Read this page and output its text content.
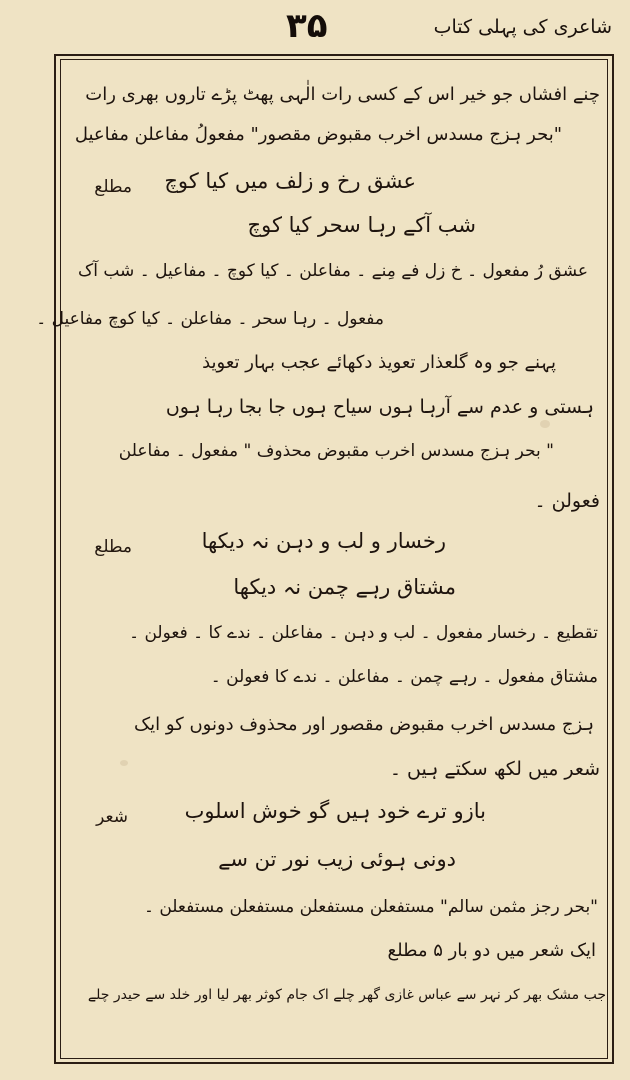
شاعری کی پہلی کتاب
۳۵
چنے افشاں جو خیر اس کے کسی رات الٰہی پھٹ پڑے تاروں بھری رات
"بحر ہزج مسدس اخرب مقبوض مقصور" مفعولُ مفاعلن مفاعیل
مطلع عشق رخ و زلف میں کیا کوچ
شب آکے رہا سحر کیا کوچ
عشق رُ مفعول ۔ خ زل فے مِنے ۔ مفاعلن ۔ کیا کوچ ۔ مفاعیل ۔ شب آک
مفعول ۔ رہا سحر ۔ مفاعلن ۔ کیا کوچ مفاعیل ۔
پہنے جو وہ گلعذار تعویذ دکھائے عجب بہار تعویذ
ہستی و عدم سے آرہا ہوں سیاح ہوں جا بجا رہا ہوں
" بحر ہزج مسدس اخرب مقبوض محذوف " مفعول ۔ مفاعلن
فعولن ۔
مطلع	رخسار و لب و دہن نہ دیکھا
مشتاق رہے چمن نہ دیکھا
تقطیع ۔ رخسار مفعول ۔ لب و دہن ۔ مفاعلن ۔ ندے کا ۔ فعولن ۔
مشتاق مفعول ۔ رہے چمن ۔ مفاعلن ۔ ندے کا فعولن ۔
ہزج مسدس اخرب مقبوض مقصور اور محذوف دونوں کو ایک
شعر میں لکھ سکتے ہیں ۔
شعر	بازو ترے خود ہیں گو خوش اسلوب
دونی ہوئی زیب نور تن سے
"بحر رجز مثمن سالم" مستفعلن مستفعلن مستفعلن مستفعلن ۔
ایک شعر میں دو بار ۵ مطلع
جب مشک بھر کر نہر سے عباس غازی گھر چلے اک جام کوثر بھر لیا اور خلد سے حیدر چلے
